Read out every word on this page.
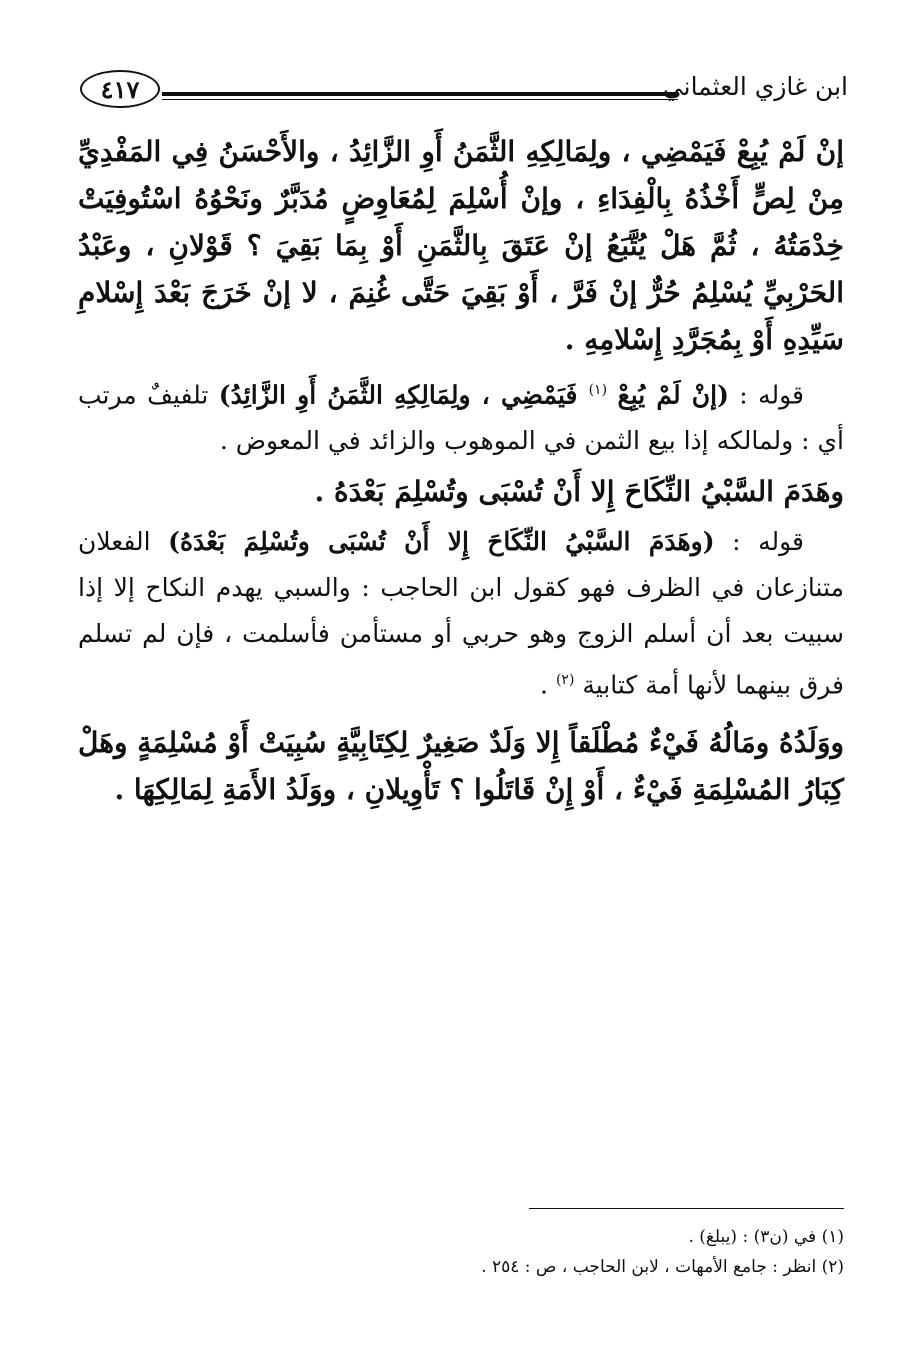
٤١٧	ابن غازي العثماني

إنْ لَمْ يُبِعْ فَيَمْضِي ، ولِمَالِكِهِ الثَّمَنُ أَوِ الزَّائِدُ ، والأَحْسَنُ فِي المَفْدِيِّ مِنْ لِصٍّ أَخْذُهُ بِالْفِدَاءِ ، وإنْ أُسْلِمَ لِمُعَاوِضٍ مُدَبَّرٌ ونَحْوُهُ اسْتُوفِيَتْ خِدْمَتُهُ ، ثُمَّ هَلْ يُتَّبَعُ إنْ عَتَقَ بِالثَّمَنِ أَوْ بِمَا بَقِيَ ؟ قَوْلانِ ، وعَبْدُ الحَرْبِيِّ يُسْلِمُ حُرٌّ إنْ فَرَّ ، أَوْ بَقِيَ حَتَّى غُنِمَ ، لا إنْ خَرَجَ بَعْدَ إِسْلامِ سَيِّدِهِ أَوْ بِمُجَرَّدِ إِسْلامِهِ .

قوله : (إنْ لَمْ يُبِعْ $^{(١)}$ فَيَمْضِي ، ولِمَالِكِهِ الثَّمَنُ أَوِ الزَّائِدُ) تلفيفٌ مرتب أي : ولمالكه إذا بيع الثمن في الموهوب والزائد في المعوض .

وهَدَمَ السَّبْيُ النِّكَاحَ إِلا أَنْ تُسْبَى وتُسْلِمَ بَعْدَهُ .

قوله : (وهَدَمَ السَّبْيُ النِّكَاحَ إِلا أَنْ تُسْبَى وتُسْلِمَ بَعْدَهُ) الفعلان متنازعان في الظرف فهو كقول ابن الحاجب : والسبي يهدم النكاح إلا إذا سبيت بعد أن أسلم الزوج وهو حربي أو مستأمن فأسلمت ، فإن لم تسلم فرق بينهما لأنها أمة كتابية $^{(٢)}$ .

ووَلَدُهُ ومَالُهُ فَيْءٌ مُطْلَقاً إِلا وَلَدٌ صَغِيرٌ لِكِتَابِيَّةٍ سُبِيَتْ أَوْ مُسْلِمَةٍ وهَلْ كِبَارُ المُسْلِمَةِ فَيْءٌ ، أَوْ إِنْ قَاتَلُوا ؟ تَأْوِيلانِ ، ووَلَدُ الأَمَةِ لِمَالِكِهَا .

(١) في (ن٣) : (يبلغ) .

(٢) انظر : جامع الأمهات ، لابن الحاجب ، ص : ٢٥٤ .
